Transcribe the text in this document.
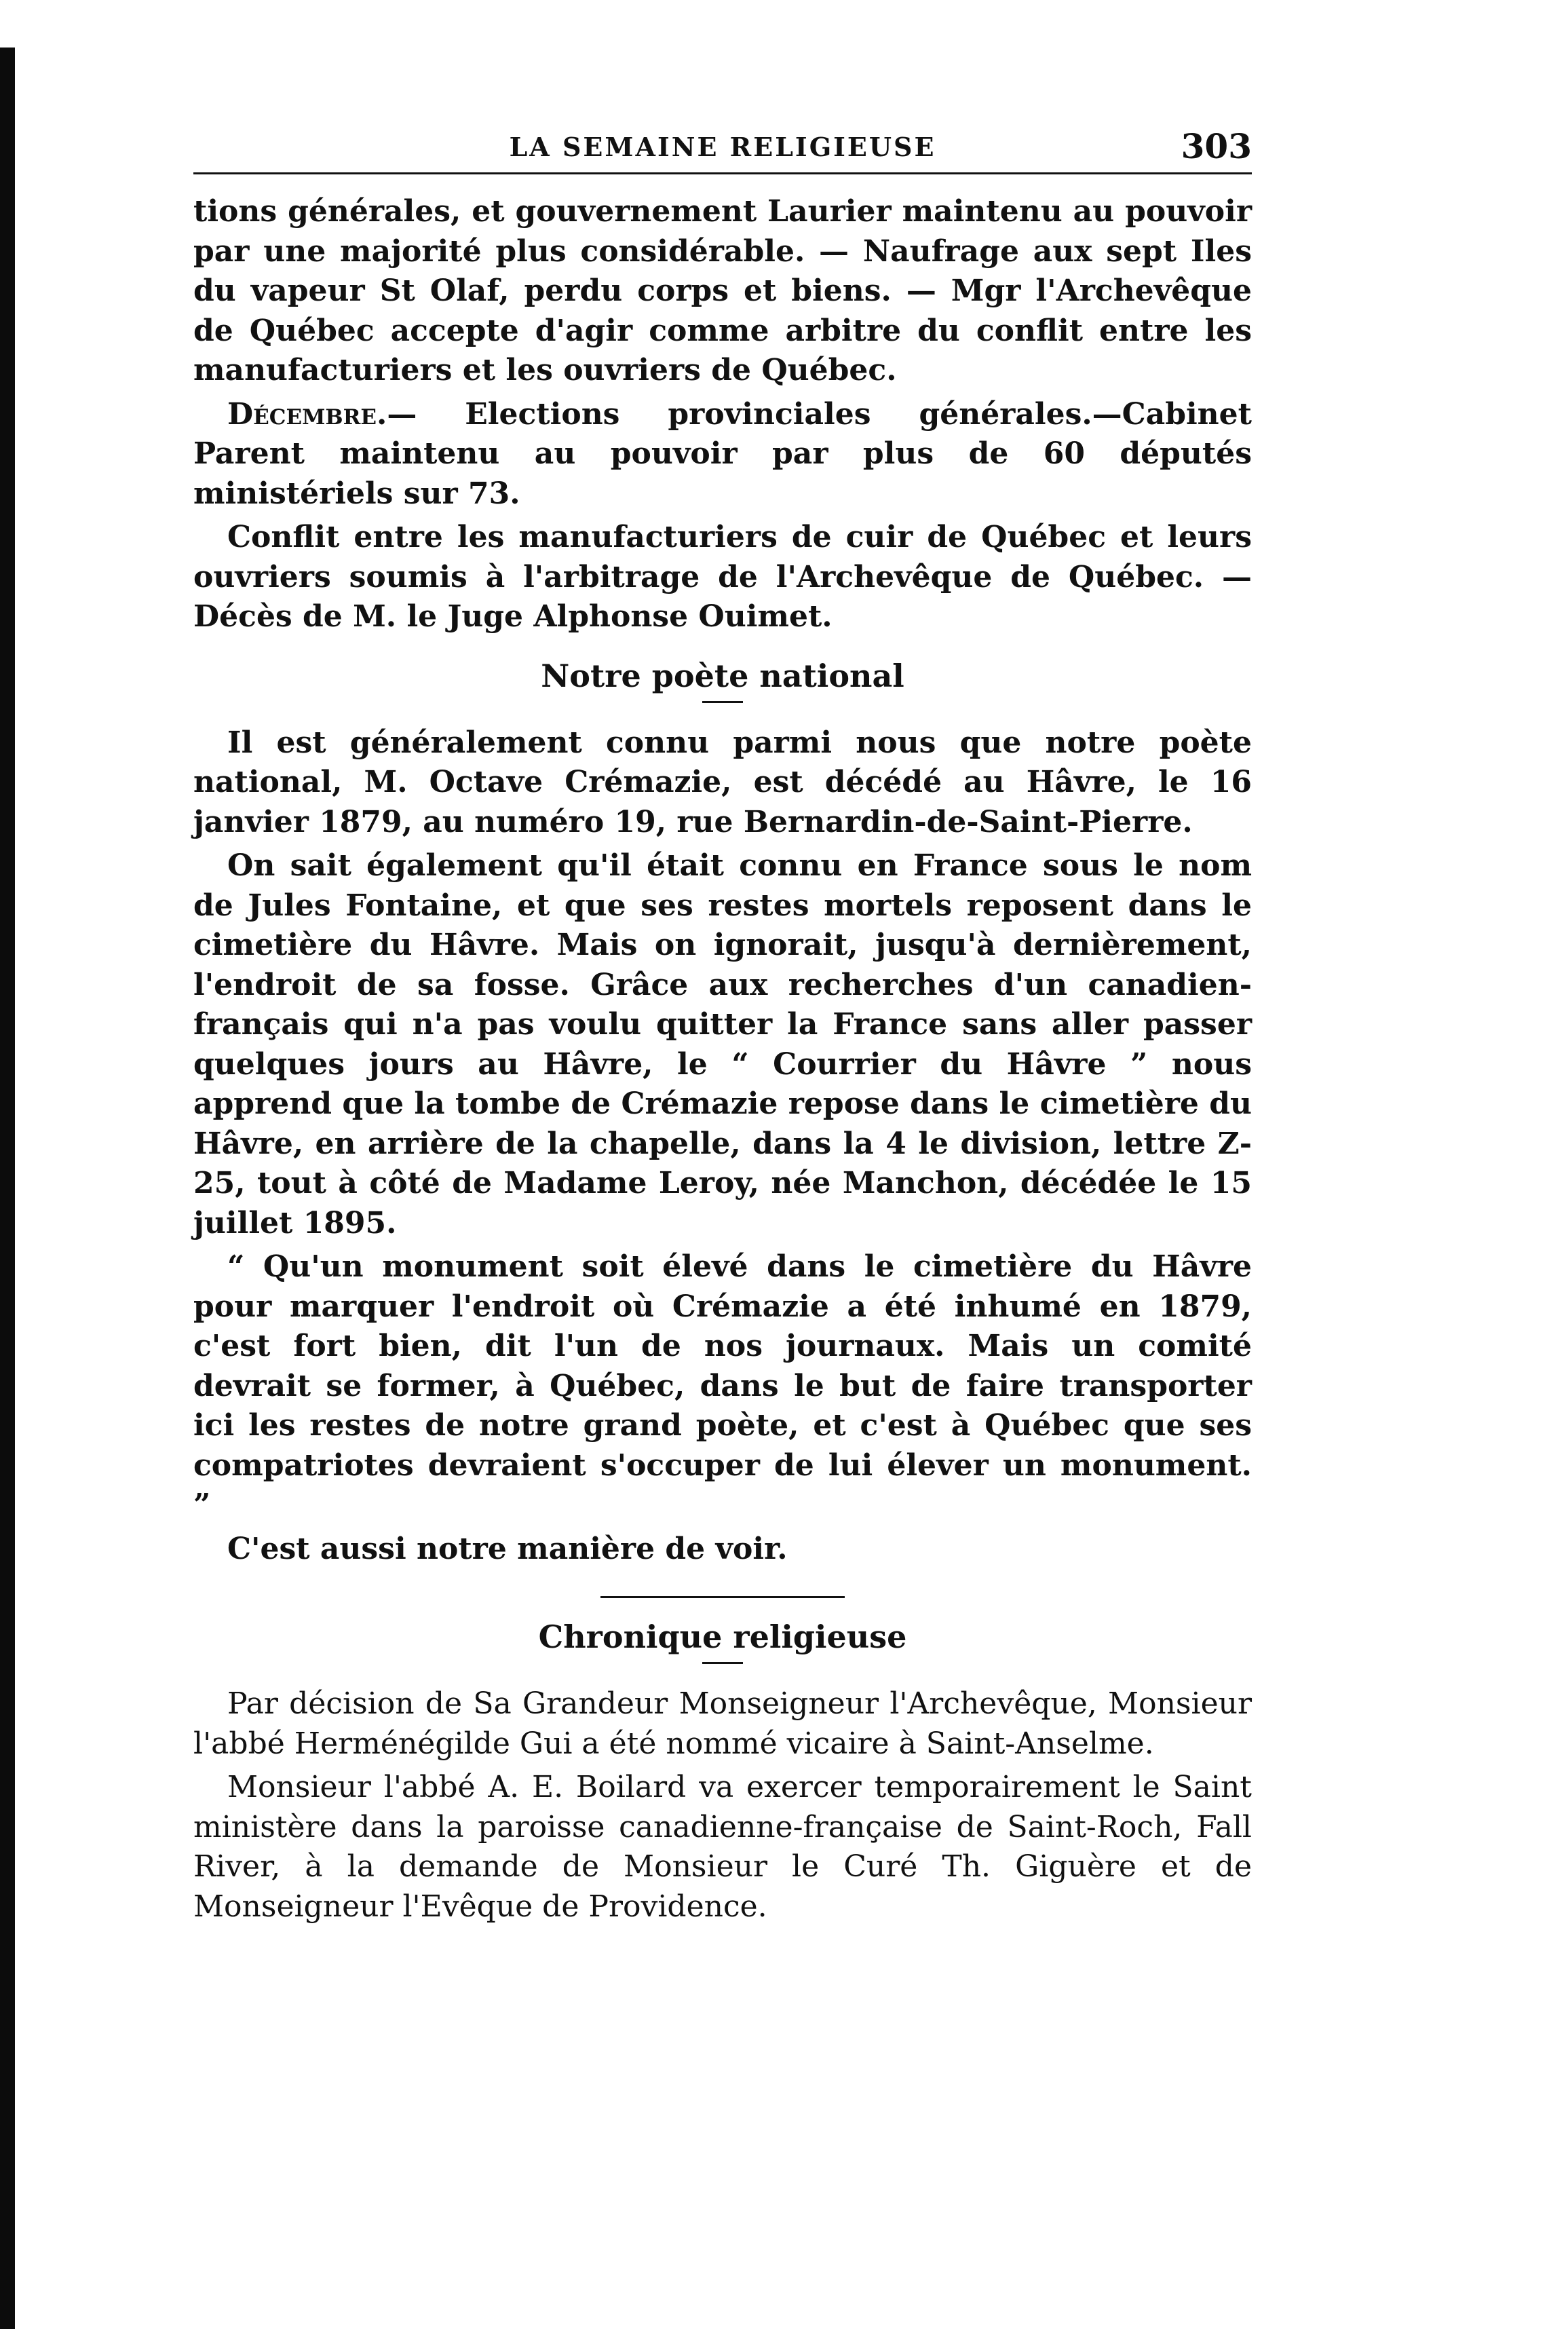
LA SEMAINE RELIGIEUSE	303

tions générales, et gouvernement Laurier maintenu au pouvoir par une majorité plus considérable. — Naufrage aux sept Iles du vapeur St Olaf, perdu corps et biens. — Mgr l'Archevêque de Québec accepte d'agir comme arbitre du conflit entre les manufacturiers et les ouvriers de Québec.

Décembre.— Elections provinciales générales.—Cabinet Parent maintenu au pouvoir par plus de 60 députés ministériels sur 73.

Conflit entre les manufacturiers de cuir de Québec et leurs ouvriers soumis à l'arbitrage de l'Archevêque de Québec. — Décès de M. le Juge Alphonse Ouimet.

Notre poète national

Il est généralement connu parmi nous que notre poète national, M. Octave Crémazie, est décédé au Hâvre, le 16 janvier 1879, au numéro 19, rue Bernardin-de-Saint-Pierre.

On sait également qu'il était connu en France sous le nom de Jules Fontaine, et que ses restes mortels reposent dans le cimetière du Hâvre. Mais on ignorait, jusqu'à dernièrement, l'endroit de sa fosse. Grâce aux recherches d'un canadien-français qui n'a pas voulu quitter la France sans aller passer quelques jours au Hâvre, le “ Courrier du Hâvre ” nous apprend que la tombe de Crémazie repose dans le cimetière du Hâvre, en arrière de la chapelle, dans la 4 le division, lettre Z-25, tout à côté de Madame Leroy, née Manchon, décédée le 15 juillet 1895.

“ Qu'un monument soit élevé dans le cimetière du Hâvre pour marquer l'endroit où Crémazie a été inhumé en 1879, c'est fort bien, dit l'un de nos journaux. Mais un comité devrait se former, à Québec, dans le but de faire transporter ici les restes de notre grand poète, et c'est à Québec que ses compatriotes devraient s'occuper de lui élever un monument. ”

C'est aussi notre manière de voir.

Chronique religieuse

Par décision de Sa Grandeur Monseigneur l'Archevêque, Monsieur l'abbé Herménégilde Gui a été nommé vicaire à Saint-Anselme.

Monsieur l'abbé A. E. Boilard va exercer temporairement le Saint ministère dans la paroisse canadienne-française de Saint-Roch, Fall River, à la demande de Monsieur le Curé Th. Giguère et de Monseigneur l'Evêque de Providence.
